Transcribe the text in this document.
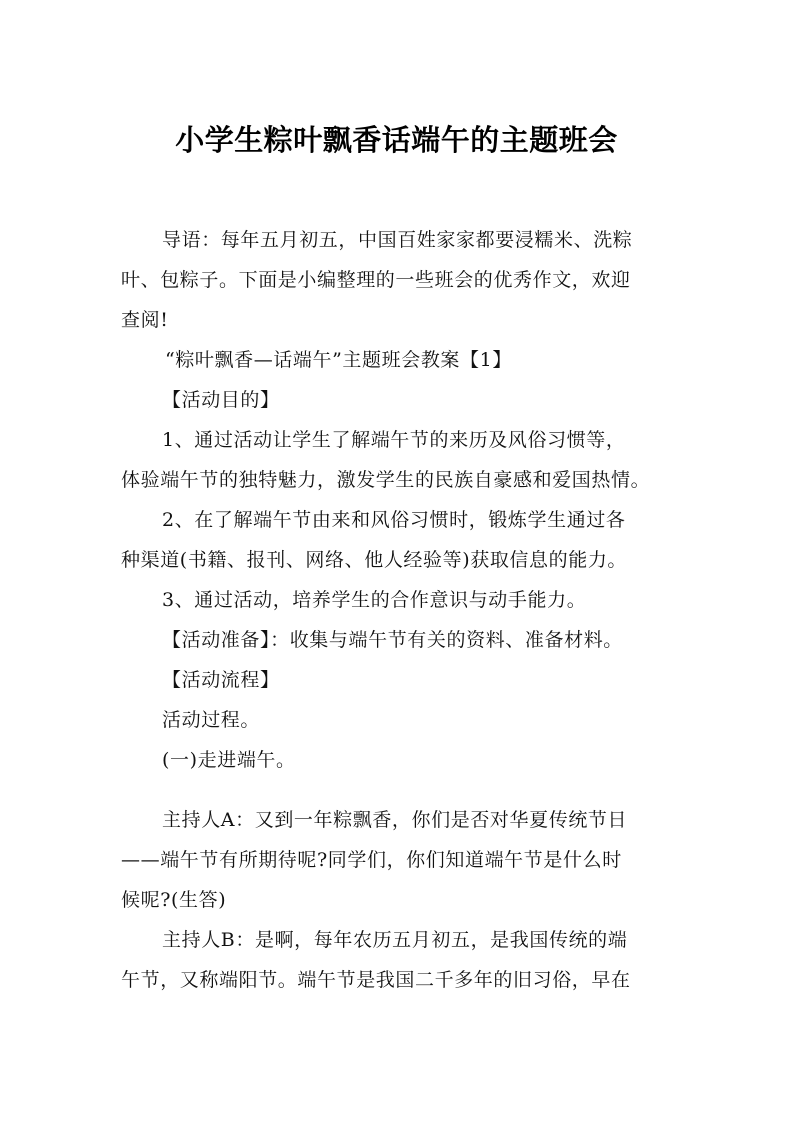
小学生粽叶飘香话端午的主题班会
导语：每年五月初五，中国百姓家家都要浸糯米、洗粽
叶、包粽子。下面是小编整理的一些班会的优秀作文，欢迎
查阅!
“粽叶飘香—话端午”主题班会教案【1】
【活动目的】
1、通过活动让学生了解端午节的来历及风俗习惯等，
体验端午节的独特魅力，激发学生的民族自豪感和爱国热情。
2、在了解端午节由来和风俗习惯时，锻炼学生通过各
种渠道(书籍、报刊、网络、他人经验等)获取信息的能力。
3、通过活动，培养学生的合作意识与动手能力。
【活动准备】：收集与端午节有关的资料、准备材料。
【活动流程】
活动过程。
(一)走进端午。
主持人A：又到一年粽飘香，你们是否对华夏传统节日
——端午节有所期待呢?同学们，你们知道端午节是什么时
候呢?(生答)
主持人B：是啊，每年农历五月初五，是我国传统的端
午节，又称端阳节。端午节是我国二千多年的旧习俗，早在
